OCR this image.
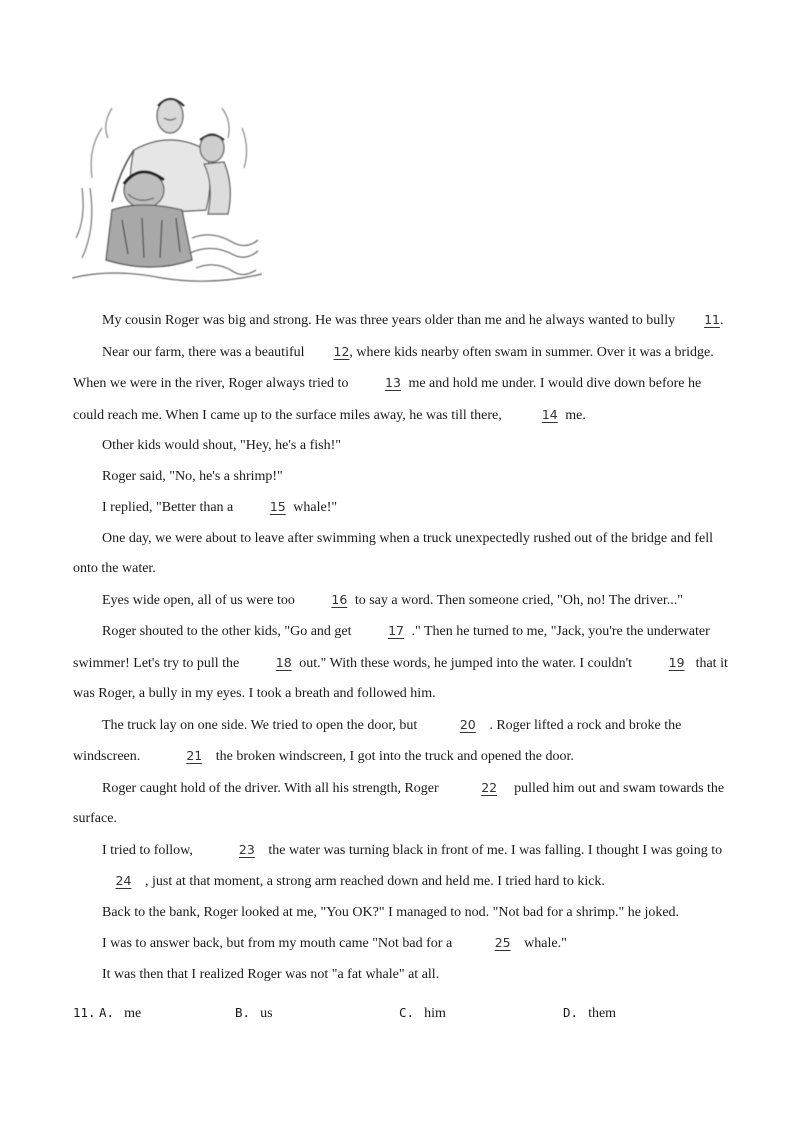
My cousin Roger was big and strong. He was three years older than me and he always wanted to bully 11.

Near our farm, there was a beautiful 12, where kids nearby often swam in summer. Over it was a bridge. When we were in the river, Roger always tried to	13 me and hold me under. I would dive down before he could reach me. When I came up to the surface miles away, he was till there,	14 me.

Other kids would shout, "Hey, he's a fish!"

Roger said, "No, he's a shrimp!"

I replied, "Better than a	15 whale!"

One day, we were about to leave after swimming when a truck unexpectedly rushed out of the bridge and fell onto the water.

Eyes wide open, all of us were too	16 to say a word. Then someone cried, "Oh, no! The driver..."

Roger shouted to the other kids, "Go and get	17 ." Then he turned to me, "Jack, you're the underwater swimmer! Let's try to pull the	18 out." With these words, he jumped into the water. I couldn't	19 that it was Roger, a bully in my eyes. I took a breath and followed him.

The truck lay on one side. We tried to open the door, but	20 . Roger lifted a rock and broke the windscreen.	21 the broken windscreen, I got into the truck and opened the door.

Roger caught hold of the driver. With all his strength, Roger	22 pulled him out and swam towards the surface.

I tried to follow,	23 the water was turning black in front of me. I was falling. I thought I was going to24 , just at that moment, a strong arm reached down and held me. I tried hard to kick.

Back to the bank, Roger looked at me, "You OK?" I managed to nod. "Not bad for a shrimp." he joked.

I was to answer back, but from my mouth came "Not bad for a	25 whale."

It was then that I realized Roger was not "a fat whale" at all.

11. A. me	B. us	C. him	D. them
